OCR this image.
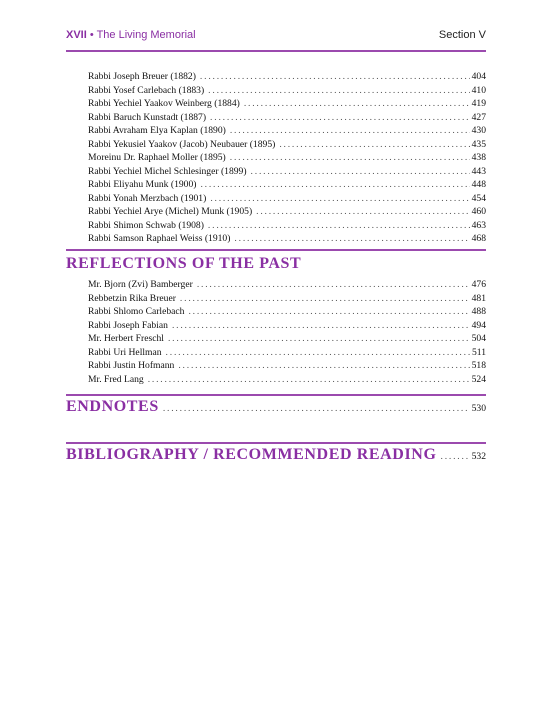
XVII • The Living Memorial	Section V
Rabbi Joseph Breuer (1882) .....	404
Rabbi Yosef Carlebach (1883) .....	410
Rabbi Yechiel Yaakov Weinberg (1884) .....	419
Rabbi Baruch Kunstadt (1887) .....	427
Rabbi Avraham Elya Kaplan (1890) .....	430
Rabbi Yekusiel Yaakov (Jacob) Neubauer (1895) .....	435
Moreinu Dr. Raphael Moller (1895) .....	438
Rabbi Yechiel Michel Schlesinger (1899) .....	443
Rabbi Eliyahu Munk (1900) .....	448
Rabbi Yonah Merzbach (1901) .....	454
Rabbi Yechiel Arye (Michel) Munk (1905) .....	460
Rabbi Shimon Schwab (1908) .....	463
Rabbi Samson Raphael Weiss (1910) .....	468
REFLECTIONS OF THE PAST
Mr. Bjorn (Zvi) Bamberger .....	476
Rebbetzin Rika Breuer .....	481
Rabbi Shlomo Carlebach .....	488
Rabbi Joseph Fabian .....	494
Mr. Herbert Freschl .....	504
Rabbi Uri Hellman .....	511
Rabbi Justin Hofmann .....	518
Mr. Fred Lang .....	524
ENDNOTES .....	530
BIBLIOGRAPHY / RECOMMENDED READING .....	532
